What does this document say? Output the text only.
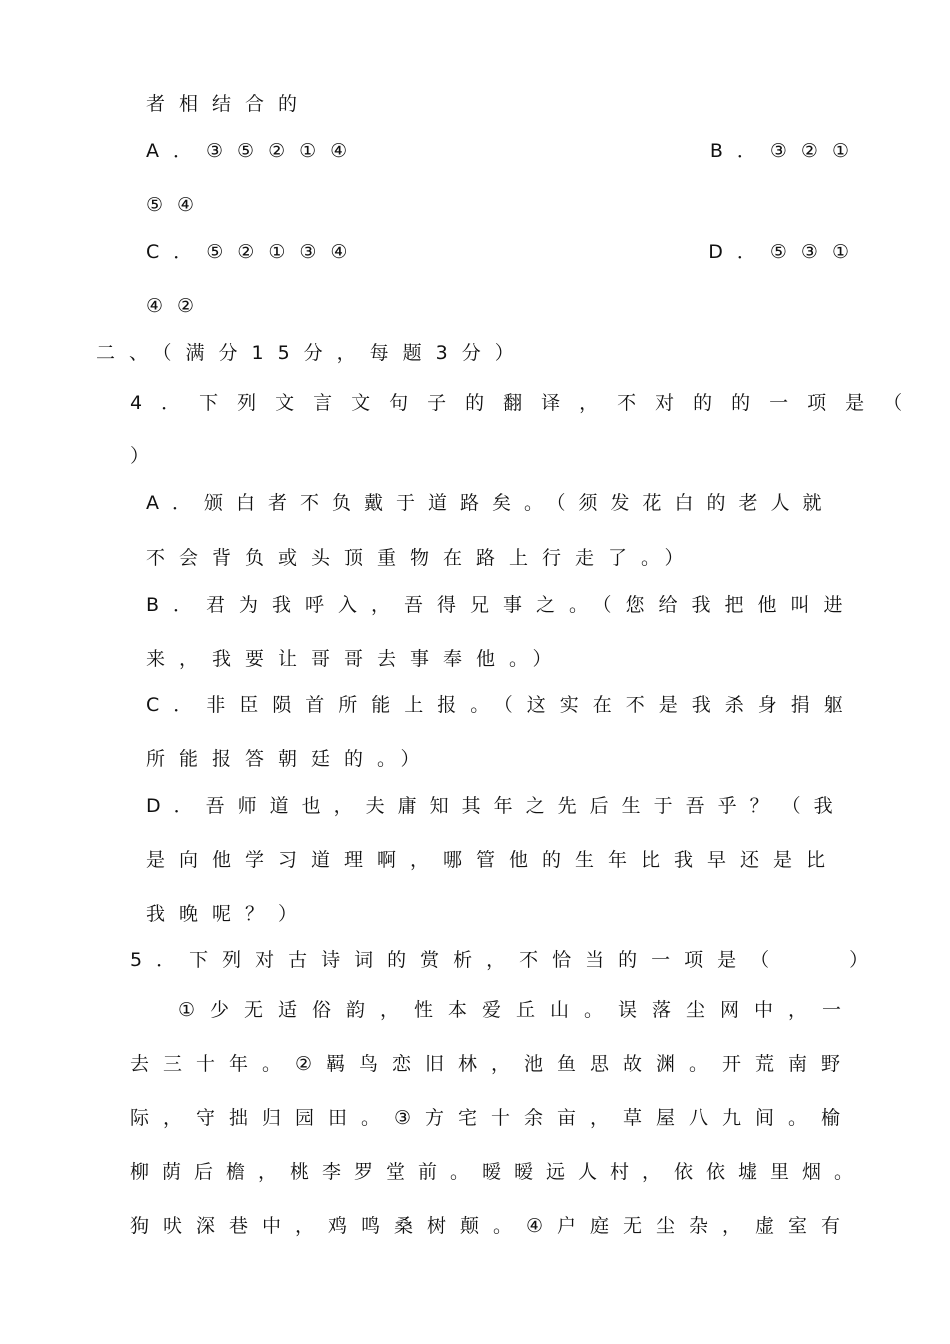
者相结合的
A．③⑤②①④	B．③②①
⑤④
C．⑤②①③④	D．⑤③①
④②
二、（满分15分，每题3分）
4．下列文言文句子的翻译，不对的的一项是（
）
A．颁白者不负戴于道路矣。（须发花白的老人就
不会背负或头顶重物在路上行走了。）
B．君为我呼入，吾得兄事之。（您给我把他叫进
来，我要让哥哥去事奉他。）
C．非臣陨首所能上报。（这实在不是我杀身捐躯
所能报答朝廷的。）
D．吾师道也，夫庸知其年之先后生于吾乎？（我
是向他学习道理啊，哪管他的生年比我早还是比
我晚呢？）
5．下列对古诗词的赏析，不恰当的一项是（　　）
①少无适俗韵，性本爱丘山。误落尘网中，一
去三十年。②羁鸟恋旧林，池鱼思故渊。开荒南野
际，守拙归园田。③方宅十余亩，草屋八九间。榆
柳荫后檐，桃李罗堂前。暧暧远人村，依依墟里烟。
狗吠深巷中，鸡鸣桑树颠。④户庭无尘杂，虚室有
